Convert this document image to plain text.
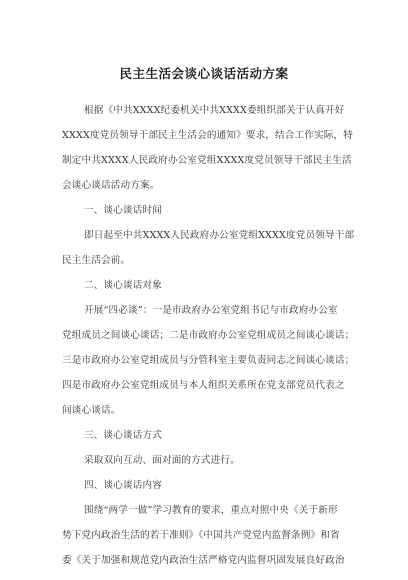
民主生活会谈心谈话活动方案
根据《中共XXXX纪委机关中共XXXX委组织部关于认真开好
XXXX度党员领导干部民主生活会的通知》要求，结合工作实际，特
制定中共XXXX人民政府办公室党组XXXX度党员领导干部民主生活
会谈心谈话活动方案。
一、谈心谈话时间
即日起至中共XXXX人民政府办公室党组XXXX度党员领导干部
民主生活会前。
二、谈心谈话对象
开展“四必谈”：一是市政府办公室党组书记与市政府办公室
党组成员之间谈心谈话；二是市政府办公室党组成员之间谈心谈话；
三是市政府办公室党组成员与分管科室主要负责同志之间谈心谈话；
四是市政府办公室党组成员与本人组织关系所在党支部党员代表之
间谈心谈话。
三、谈心谈话方式
采取双向互动、面对面的方式进行。
四、谈心谈话内容
围绕“两学一做”学习教育的要求，重点对照中央《关于新形
势下党内政治生活的若干准则》《中国共产党党内监督条例》和省
委《关于加强和规范党内政治生活严格党内监督巩固发展良好政治
